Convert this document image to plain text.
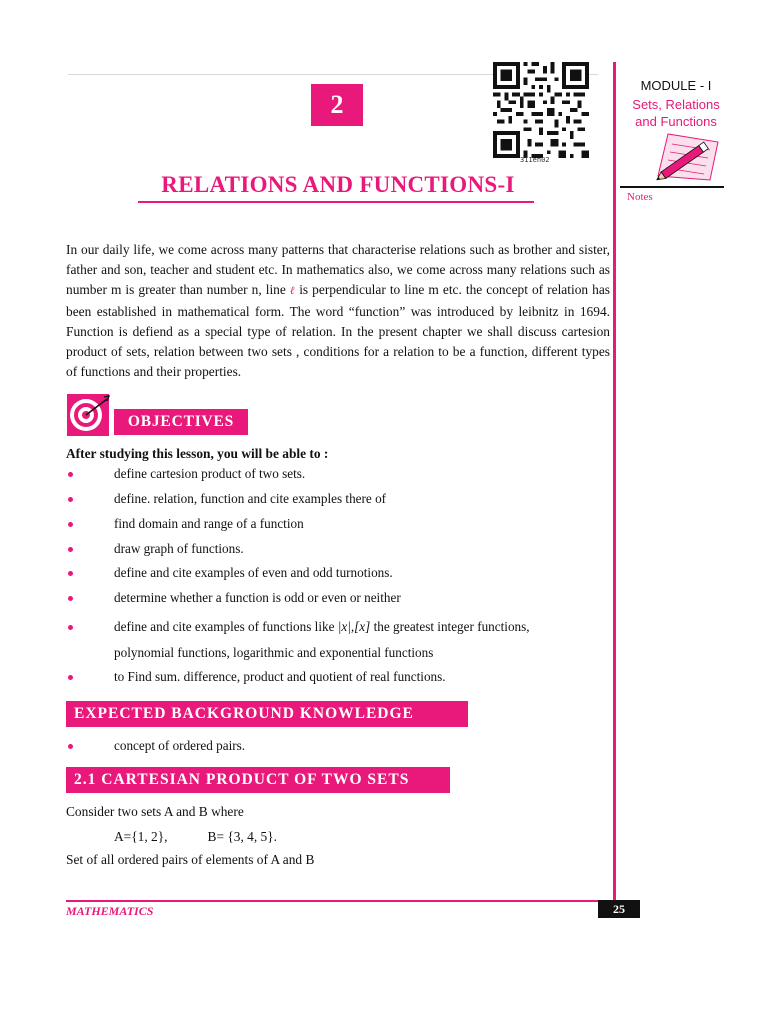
2
311en02
MODULE - I
Sets, Relations
and Functions
Notes
RELATIONS AND FUNCTIONS-I
In our daily life, we come across many patterns that characterise relations such as brother and sister, father and son, teacher and student etc. In mathematics also, we come across many relations such as number m is greater than number n, line ℓ is perpendicular to line m etc. the concept of relation has been established in mathematical form. The word “function” was introduced by leibnitz in 1694. Function is defiend as a special type of relation. In the present chapter we shall discuss cartesion product of sets, relation between two sets , conditions for a relation to be a function, different types of functions and their properties.
OBJECTIVES
After studying this lesson, you will be able to :
define cartesion product of two sets.
define. relation, function and cite examples there of
find domain and range of a function
draw graph of functions.
define and cite examples of even and odd turnotions.
determine whether a function is odd or even or neither
define and cite examples of functions like |x|,[x] the greatest integer functions,
polynomial functions, logarithmic and exponential functions
to Find sum. difference, product and quotient of real functions.
EXPECTED BACKGROUND KNOWLEDGE
concept of ordered pairs.
2.1 CARTESIAN PRODUCT OF TWO SETS
Consider two sets A and B where
A={1, 2},	B= {3, 4, 5}.
Set of all ordered pairs of elements of A and B
MATHEMATICS	25
